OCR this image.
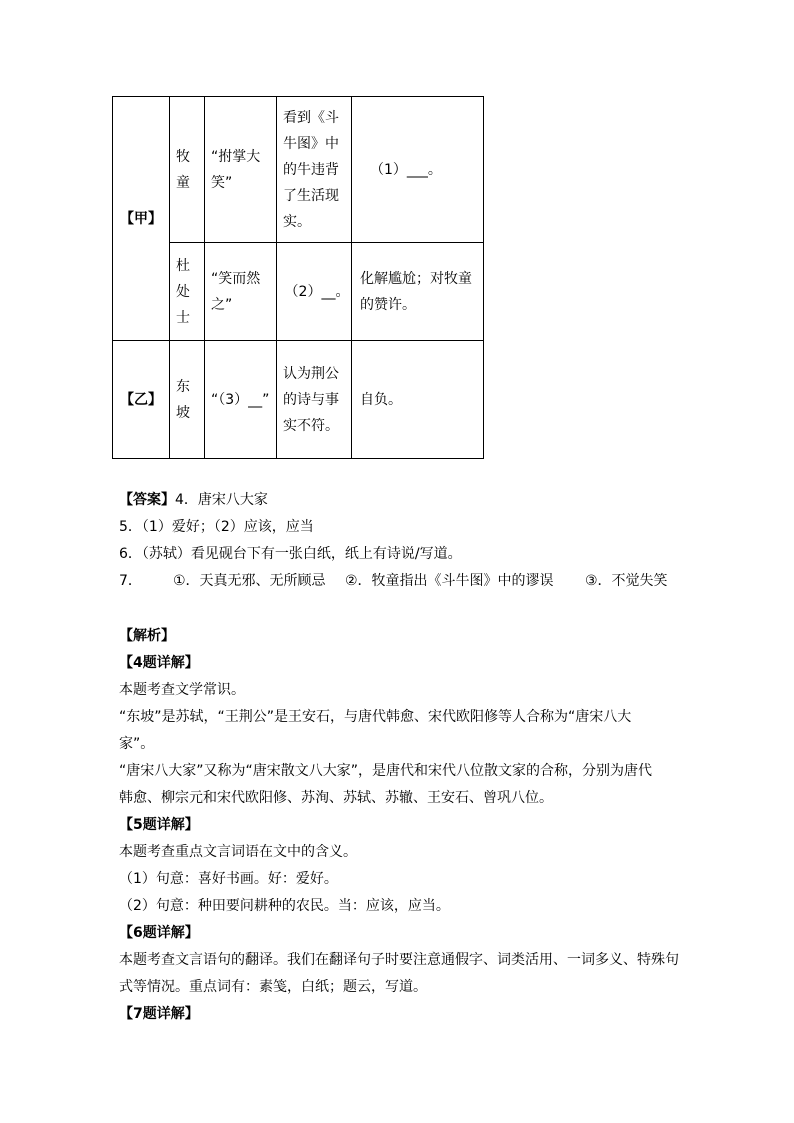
【甲】	牧童	“拊掌大笑”	看到《斗牛图》中的牛违背了生活现实。	（1）___。

	杜处士	“笑而然之”	（2）__。	化解尴尬；对牧童的赞许。

【乙】	东坡	“（3）__”	认为荆公的诗与事实不符。	自负。
【答案】4．唐宋八大家
5．（1）爱好；（2）应该，应当
6．（苏轼）看见砚台下有一张白纸，纸上有诗说/写道。
7． ①．天真无邪、无所顾忌 ②．牧童指出《斗牛图》中的谬误 ③．不觉失笑
【解析】
【4题详解】
本题考查文学常识。
“东坡”是苏轼，“王荆公”是王安石，与唐代韩愈、宋代欧阳修等人合称为“唐宋八大
家”。
“唐宋八大家”又称为“唐宋散文八大家”，是唐代和宋代八位散文家的合称，分别为唐代
韩愈、柳宗元和宋代欧阳修、苏洵、苏轼、苏辙、王安石、曾巩八位。
【5题详解】
本题考查重点文言词语在文中的含义。
（1）句意：喜好书画。好：爱好。
（2）句意：种田要问耕种的农民。当：应该，应当。
【6题详解】
本题考查文言语句的翻译。我们在翻译句子时要注意通假字、词类活用、一词多义、特殊句
式等情况。重点词有：素笺，白纸；题云，写道。
【7题详解】
